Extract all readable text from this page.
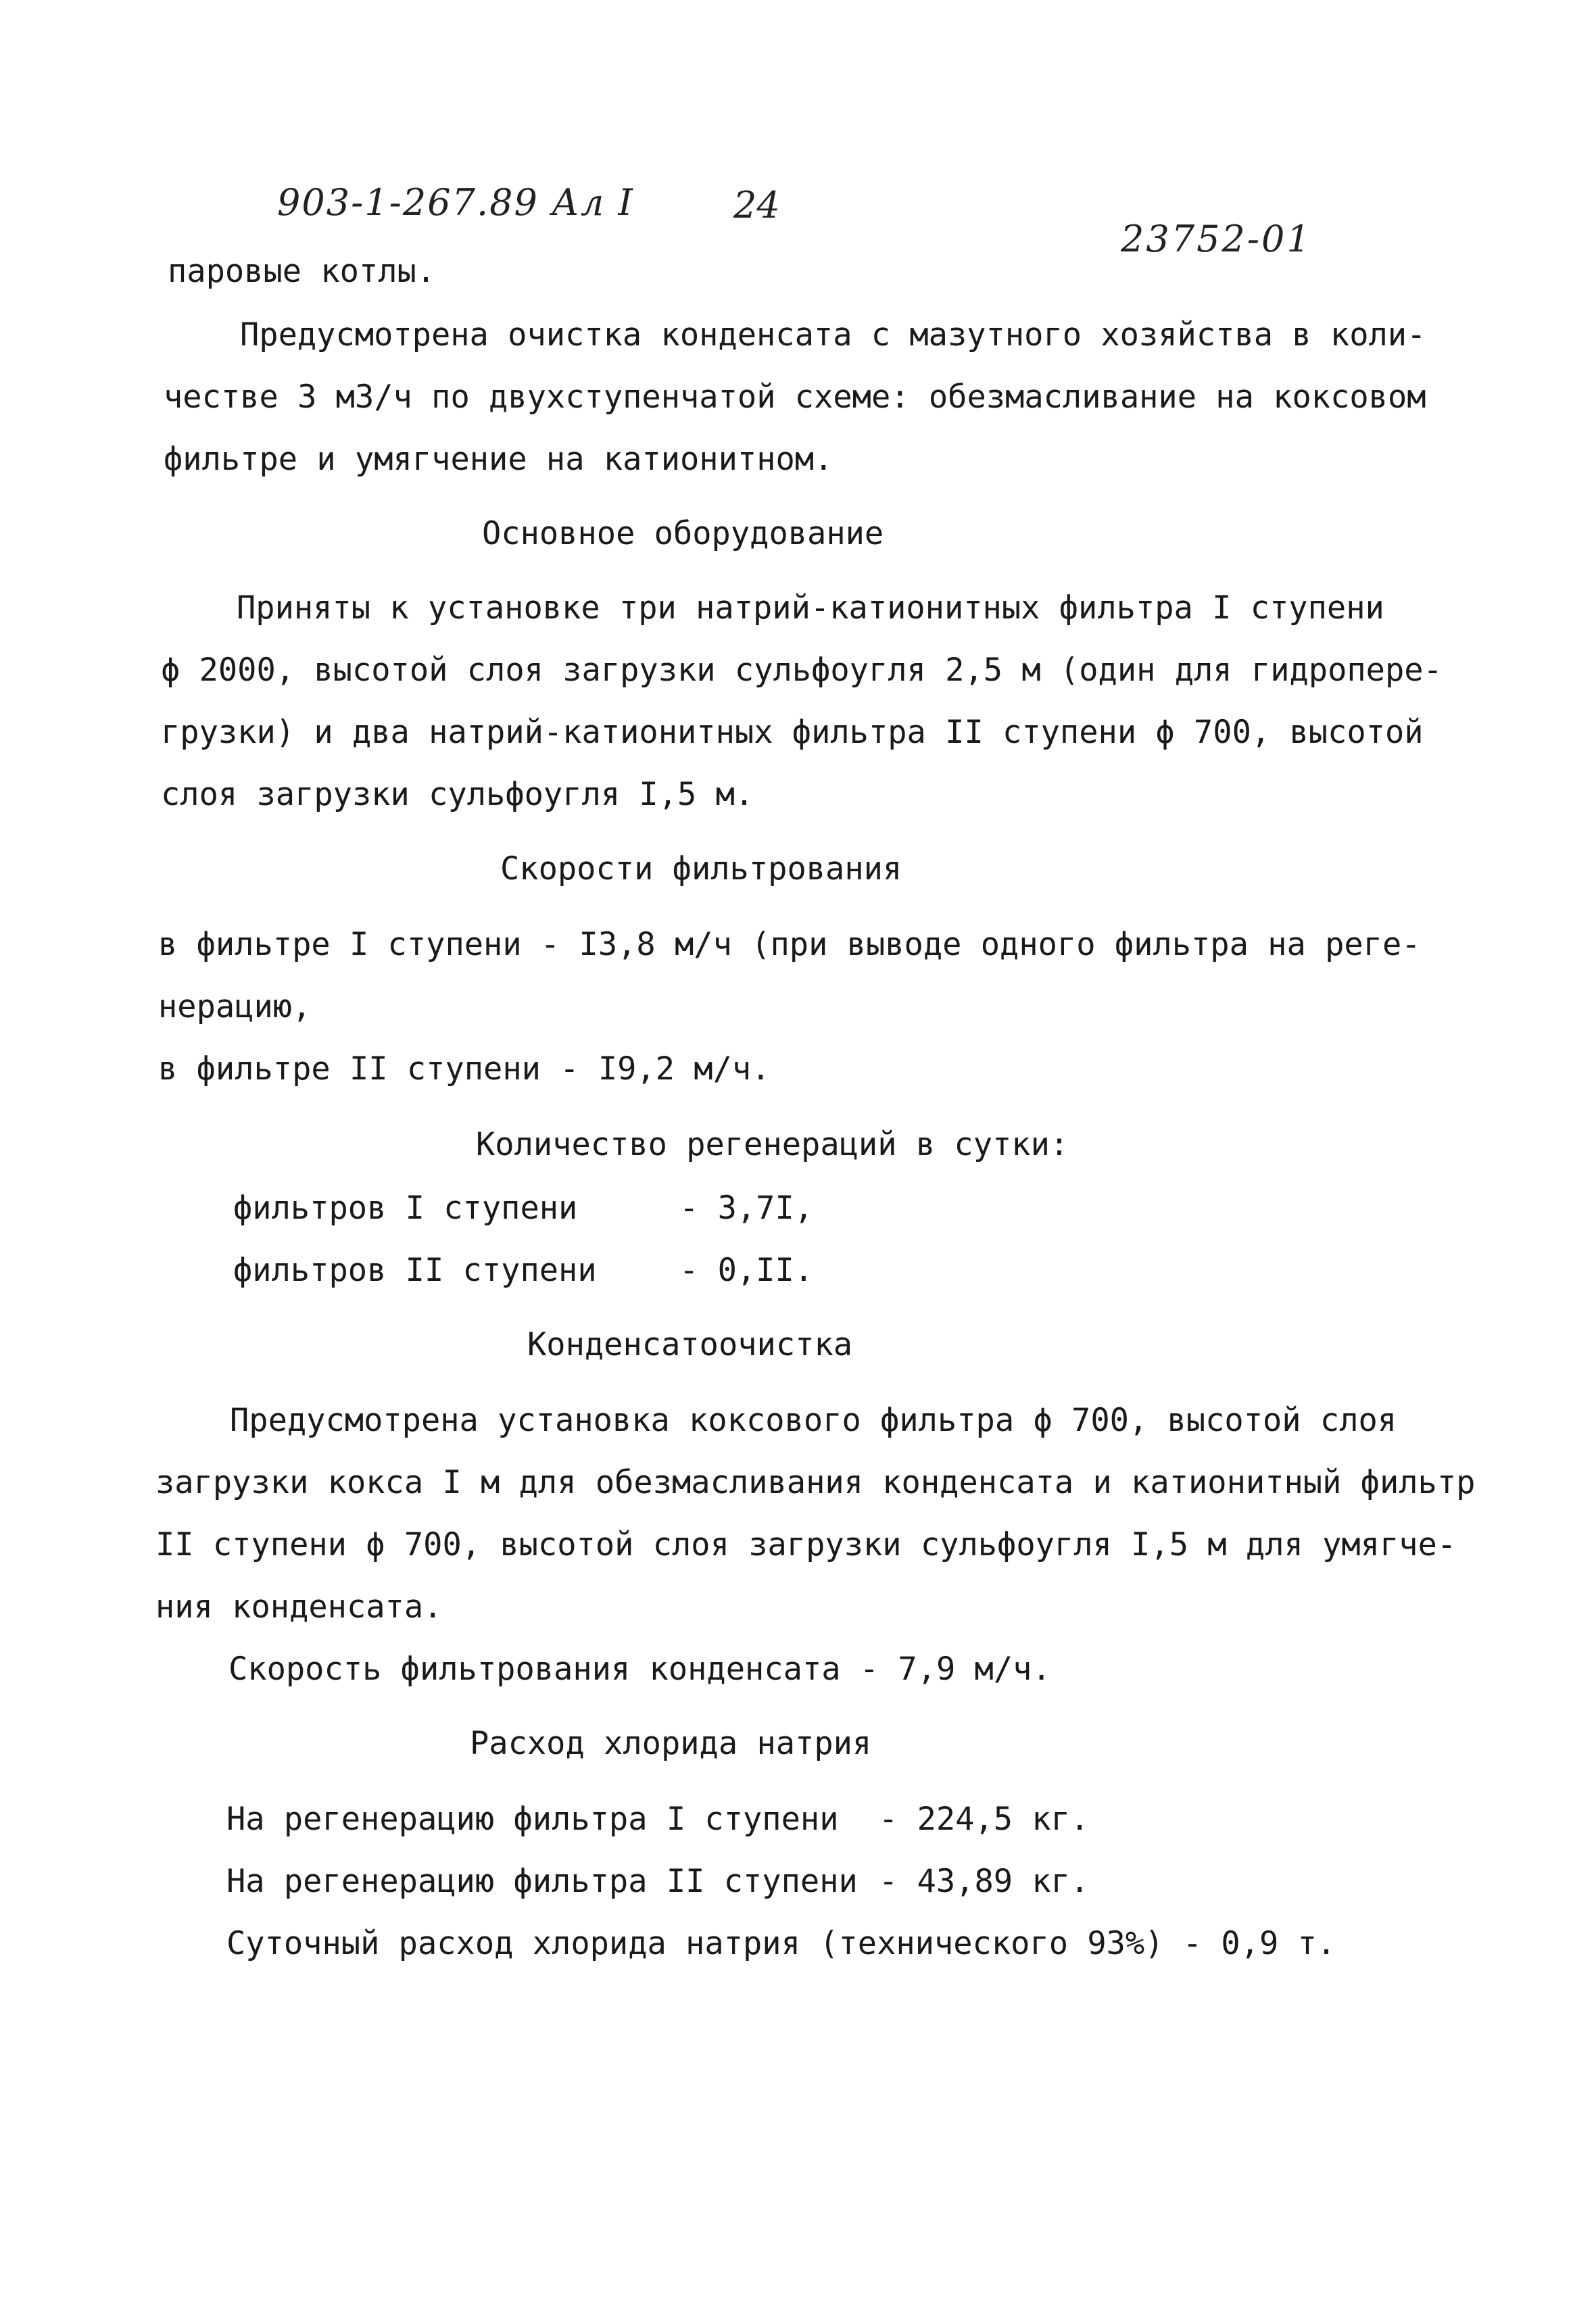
903-1-267.89 Ал I	24
23752-01
паровые котлы.
Предусмотрена очистка конденсата с мазутного хозяйства в коли-
честве 3 м3/ч по двухступенчатой схеме: обезмасливание на коксовом
фильтре и умягчение на катионитном.
Основное оборудование
Приняты к установке три натрий-катионитных фильтра I ступени
ϕ 2000, высотой слоя загрузки сульфоугля 2,5 м (один для гидропере-
грузки) и два натрий-катионитных фильтра II ступени ϕ 700, высотой
слоя загрузки сульфоугля I,5 м.
Скорости фильтрования
в фильтре I ступени - I3,8 м/ч (при выводе одного фильтра на реге-
нерацию,
в фильтре II ступени - I9,2 м/ч.
Количество регенераций в сутки:
фильтров I ступени	- 3,7I,
фильтров II ступени	- 0,II.
Конденсатоочистка
Предусмотрена установка коксового фильтра ϕ 700, высотой слоя
загрузки кокса I м для обезмасливания конденсата и катионитный фильтр
II ступени ϕ 700, высотой слоя загрузки сульфоугля I,5 м для умягче-
ния конденсата.
Скорость фильтрования конденсата - 7,9 м/ч.
Расход хлорида натрия
На регенерацию фильтра I ступени - 224,5 кг.
На регенерацию фильтра II ступени - 43,89 кг.
Суточный расход хлорида натрия (технического 93%) - 0,9 т.
